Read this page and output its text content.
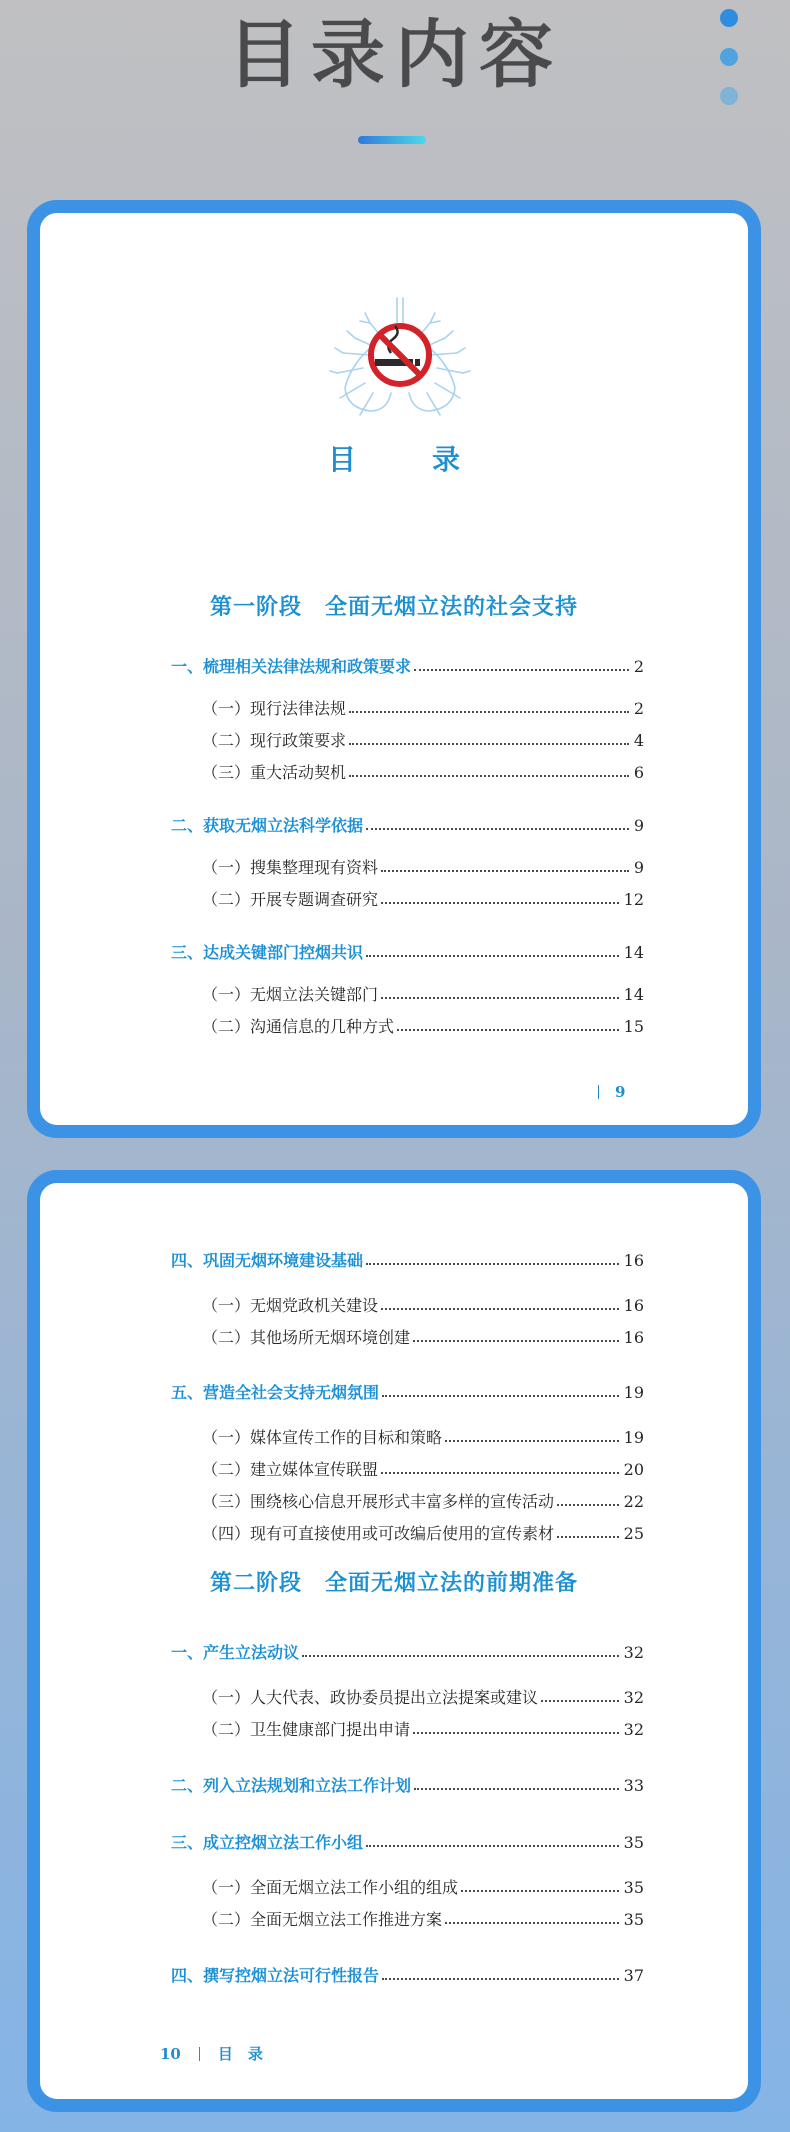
目录内容
目　录
第一阶段　全面无烟立法的社会支持
一、梳理相关法律法规和政策要求	2
（一）现行法律法规	2
（二）现行政策要求	4
（三）重大活动契机	6
二、获取无烟立法科学依据	9
（一）搜集整理现有资料	9
（二）开展专题调查研究	12
三、达成关键部门控烟共识	14
（一）无烟立法关键部门	14
（二）沟通信息的几种方式	15
9
四、巩固无烟环境建设基础	16
（一）无烟党政机关建设	16
（二）其他场所无烟环境创建	16
五、营造全社会支持无烟氛围	19
（一）媒体宣传工作的目标和策略	19
（二）建立媒体宣传联盟	20
（三）围绕核心信息开展形式丰富多样的宣传活动	22
（四）现有可直接使用或可改编后使用的宣传素材	25
第二阶段　全面无烟立法的前期准备
一、产生立法动议	32
（一）人大代表、政协委员提出立法提案或建议	32
（二）卫生健康部门提出申请	32
二、列入立法规划和立法工作计划	33
三、成立控烟立法工作小组	35
（一）全面无烟立法工作小组的组成	35
（二）全面无烟立法工作推进方案	35
四、撰写控烟立法可行性报告	37
10 目　录
